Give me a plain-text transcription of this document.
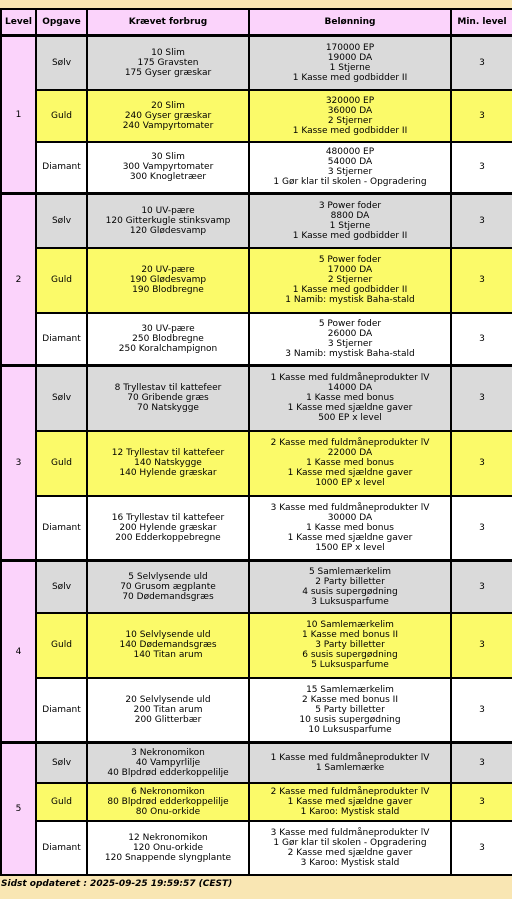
Level	Opgave	Krævet forbrug	Belønning	Min. level
1	Sølv	10 Slim
175 Gravsten
175 Gyser græskar	170000 EP
19000 DA
1 Stjerne
1 Kasse med godbidder II	3
	Guld	20 Slim
240 Gyser græskar
240 Vampyrtomater	320000 EP
36000 DA
2 Stjerner
1 Kasse med godbidder II	3
	Diamant	30 Slim
300 Vampyrtomater
300 Knogletræer	480000 EP
54000 DA
3 Stjerner
1 Gør klar til skolen - Opgradering	3
2	Sølv	10 UV-pære
120 Gitterkugle stinksvamp
120 Glødesvamp	3 Power foder
8800 DA
1 Stjerne
1 Kasse med godbidder II	3
	Guld	20 UV-pære
190 Glødesvamp
190 Blodbregne	5 Power foder
17000 DA
2 Stjerner
1 Kasse med godbidder II
1 Namib: mystisk Baha-stald	3
	Diamant	30 UV-pære
250 Blodbregne
250 Koralchampignon	5 Power foder
26000 DA
3 Stjerner
3 Namib: mystisk Baha-stald	3
3	Sølv	8 Tryllestav til kattefeer
70 Gribende græs
70 Natskygge	1 Kasse med fuldmåneprodukter lV
14000 DA
1 Kasse med bonus
1 Kasse med sjældne gaver
500 EP x level	3
	Guld	12 Tryllestav til kattefeer
140 Natskygge
140 Hylende græskar	2 Kasse med fuldmåneprodukter lV
22000 DA
1 Kasse med bonus
1 Kasse med sjældne gaver
1000 EP x level	3
	Diamant	16 Tryllestav til kattefeer
200 Hylende græskar
200 Edderkoppebregne	3 Kasse med fuldmåneprodukter lV
30000 DA
1 Kasse med bonus
1 Kasse med sjældne gaver
1500 EP x level	3
4	Sølv	5 Selvlysende uld
70 Grusom ægplante
70 Dødemandsgræs	5 Samlemærkelim
2 Party billetter
4 susis supergødning
3 Luksusparfume	3
	Guld	10 Selvlysende uld
140 Dødemandsgræs
140 Titan arum	10 Samlemærkelim
1 Kasse med bonus II
3 Party billetter
6 susis supergødning
5 Luksusparfume	3
	Diamant	20 Selvlysende uld
200 Titan arum
200 Glitterbær	15 Samlemærkelim
2 Kasse med bonus II
5 Party billetter
10 susis supergødning
10 Luksusparfume	3
5	Sølv	3 Nekronomikon
40 Vampyrlilje
40 Blpdrød edderkoppelilje	1 Kasse med fuldmåneprodukter lV
1 Samlemærke	3
	Guld	6 Nekronomikon
80 Blpdrød edderkoppelilje
80 Onu-orkide	2 Kasse med fuldmåneprodukter lV
1 Kasse med sjældne gaver
1 Karoo: Mystisk stald	3
	Diamant	12 Nekronomikon
120 Onu-orkide
120 Snappende slyngplante	3 Kasse med fuldmåneprodukter lV
1 Gør klar til skolen - Opgradering
2 Kasse med sjældne gaver
3 Karoo: Mystisk stald	3
Sidst opdateret : 2025-09-25 19:59:57 (CEST)
